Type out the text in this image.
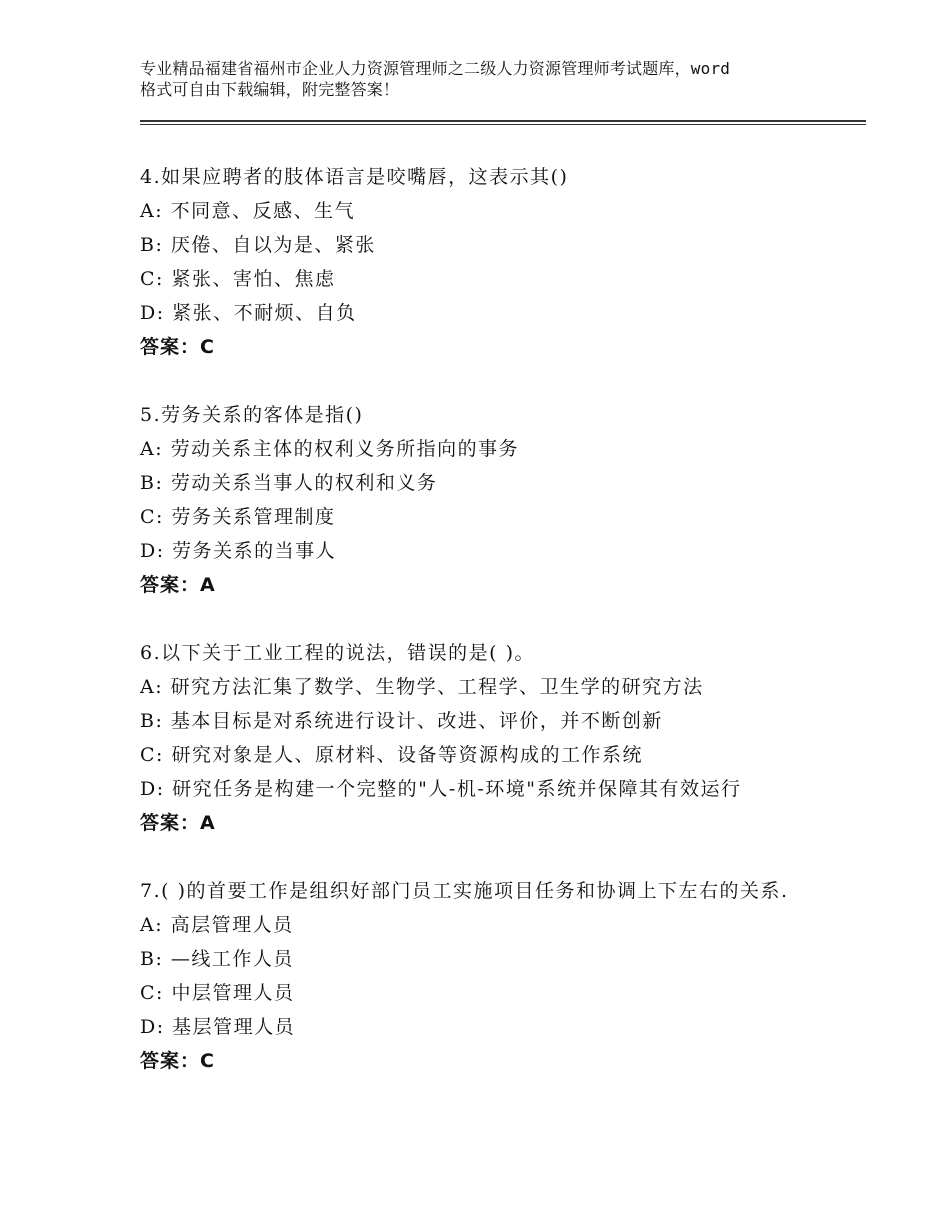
专业精品福建省福州市企业人力资源管理师之二级人力资源管理师考试题库，word
格式可自由下载编辑，附完整答案！
4.如果应聘者的肢体语言是咬嘴唇，这表示其()
A: 不同意、反感、生气
B: 厌倦、自以为是、紧张
C: 紧张、害怕、焦虑
D: 紧张、不耐烦、自负
答案：C
5.劳务关系的客体是指()
A: 劳动关系主体的权利义务所指向的事务
B: 劳动关系当事人的权利和义务
C: 劳务关系管理制度
D: 劳务关系的当事人
答案：A
6.以下关于工业工程的说法，错误的是( )。
A: 研究方法汇集了数学、生物学、工程学、卫生学的研究方法
B: 基本目标是对系统进行设计、改进、评价，并不断创新
C: 研究对象是人、原材料、设备等资源构成的工作系统
D: 研究任务是构建一个完整的"人-机-环境"系统并保障其有效运行
答案：A
7.( )的首要工作是组织好部门员工实施项目任务和协调上下左右的关系.
A: 高层管理人员
B: —线工作人员
C: 中层管理人员
D: 基层管理人员
答案：C
